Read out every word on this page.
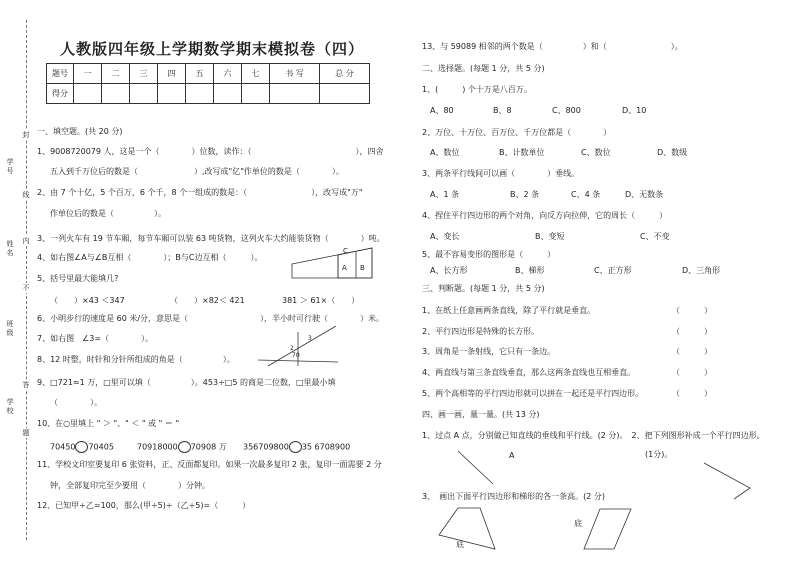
学号
姓名
班级
学校
封
线
内
不
答
题
人教版四年级上学期数学期末模拟卷（四）
题号	一	二	三	四	五	六	七	书 写	总 分
得分									
一、填空题。(共 20 分)
1、9008720079 人，这是一个（　　　　）位数，读作：（　　　　　　　　　　　　　），四舍
五入到千万位后的数是（　　　　　　　）,改写成"亿"作单位的数是（　　　　）。
2、由 7 个十亿，5 个百万，6 个千，8 个一组成的数是：（　　　　　　　　），改写成"万"
作单位后的数是（　　　　　）。
3、一列火车有 19 节车厢，每节车厢可以装 63 吨货物，这列火车大约能装货物（　　　　）吨。
4、如右图∠A与∠B互相（　　　　）；B与C边互相（　　　）。
5、括号里最大能填几?
（　　）×43 ＜347	（　　）×82＜ 421	381 ＞ 61×（　　）
6、小明步行的速度是 60 米/分，意思是（　　　　　　　　　），半小时可行驶（　　　　）米。
7、如右图　∠3=（　　　　）。
8、12 时整，时针和分针所组成的角是（　　　　　）。
9、□721≈1 万，□里可以填（　　　　　）。453÷□5 的商是二位数，□里最小填
（　　　　）。
10、在○里填上 " ＞ "、" ＜ " 或 " ＝ "
70450 70405	70918000 70908 万 356709800 35 6708900
11、学校文印室要复印 6 张资料，正、反面都复印。如果一次最多复印 2 张，复印一面需要 2 分
钟，全部复印完至少要用（　　　　）分钟。
12、已知甲÷乙=100，那么(甲÷5)÷（乙÷5)=（　　　）
A B
C
3
2
70
13、与 59089 相邻的两个数是（　　　　　）和（　　　　　　　　）。
二、选择题。(每题 1 分，共 5 分)
1、(　　　) 个十万是八百万。
A、80	B、8	C、800	D、10
2、万位、十万位、百万位、千万位都是（　　　　）
A、数位	B、计数单位	C、数位	D、数级
3、两条平行线间可以画（　　　　）垂线。
A、1 条	B、2 条	C、4 条	D、无数条
4、捏住平行四边形的两个对角，向反方向拉伸，它的周长（　　　）
A、变长	B、变短	C、不变
5、最不容易变形的图形是（　　　）
A、长方形	B、梯形	C、正方形	D、三角形
三、判断题。(每题 1 分，共 5 分)
1、在纸上任意画两条直线，除了平行就是垂直。	（　　　）
2、平行四边形是特殊的长方形。	（　　　）
3、周角是一条射线，它只有一条边。	（　　　）
4、两直线与第三条直线垂直，那么这两条直线也互相垂直。	（　　　）
5、两个高相等的平行四边形就可以拼在一起还是平行四边形。	（　　　）
四、画一画，量一量。(共 13 分)
1、过点 A 点，分别做已知直线的垂线和平行线。(2 分)。　2、把下列图形补成一个平行四边形。
A	(1分)。
3、　画出下面平行四边形和梯形的各一条高。(2 分)
底
底
